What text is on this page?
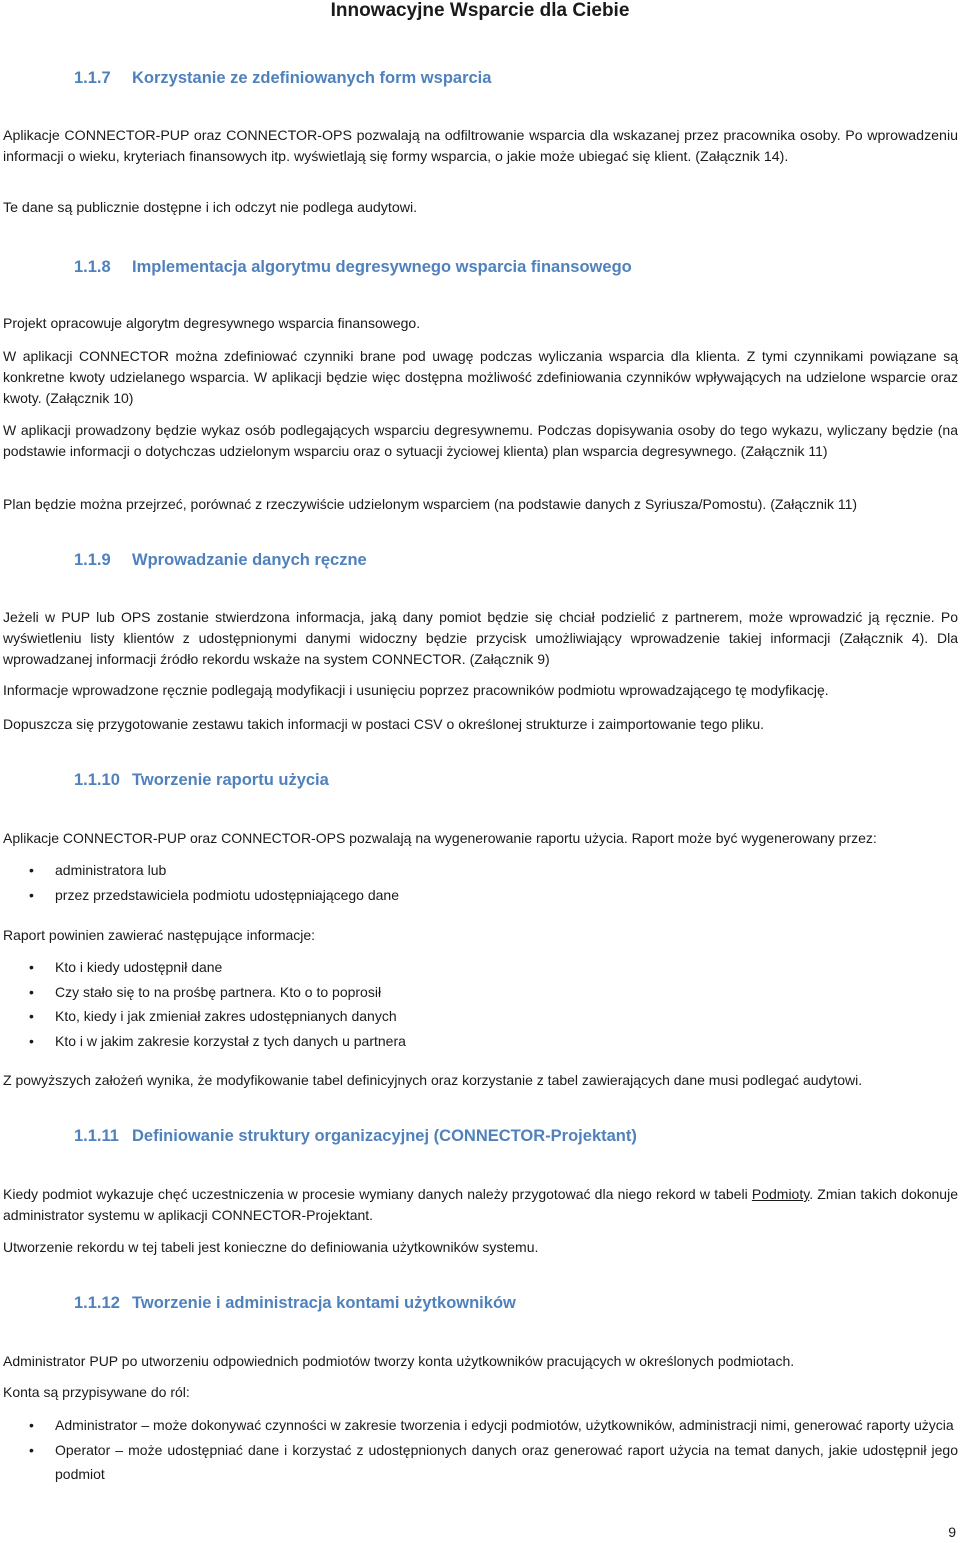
Innowacyjne Wsparcie dla Ciebie
1.1.7 Korzystanie ze zdefiniowanych form wsparcia

Aplikacje CONNECTOR-PUP oraz CONNECTOR-OPS pozwalają na odfiltrowanie wsparcia dla wskazanej przez pracownika osoby. Po wprowadzeniu informacji o wieku, kryteriach finansowych itp. wyświetlają się formy wsparcia, o jakie może ubiegać się klient. (Załącznik 14).

Te dane są publicznie dostępne i ich odczyt nie podlega audytowi.

1.1.8 Implementacja algorytmu degresywnego wsparcia finansowego

Projekt opracowuje algorytm degresywnego wsparcia finansowego.

W aplikacji CONNECTOR można zdefiniować czynniki brane pod uwagę podczas wyliczania wsparcia dla klienta. Z tymi czynnikami powiązane są konkretne kwoty udzielanego wsparcia. W aplikacji będzie więc dostępna możliwość zdefiniowania czynników wpływających na udzielone wsparcie oraz kwoty. (Załącznik 10)

W aplikacji prowadzony będzie wykaz osób podlegających wsparciu degresywnemu. Podczas dopisywania osoby do tego wykazu, wyliczany będzie (na podstawie informacji o dotychczas udzielonym wsparciu oraz o sytuacji życiowej klienta) plan wsparcia degresywnego. (Załącznik 11)

Plan będzie można przejrzeć, porównać z rzeczywiście udzielonym wsparciem (na podstawie danych z Syriusza/Pomostu). (Załącznik 11)

1.1.9 Wprowadzanie danych ręczne

Jeżeli w PUP lub OPS zostanie stwierdzona informacja, jaką dany pomiot będzie się chciał podzielić z partnerem, może wprowadzić ją ręcznie. Po wyświetleniu listy klientów z udostępnionymi danymi widoczny będzie przycisk umożliwiający wprowadzenie takiej informacji (Załącznik 4). Dla wprowadzanej informacji źródło rekordu wskaże na system CONNECTOR. (Załącznik 9)

Informacje wprowadzone ręcznie podlegają modyfikacji i usunięciu poprzez pracowników podmiotu wprowadzającego tę modyfikację.

Dopuszcza się przygotowanie zestawu takich informacji w postaci CSV o określonej strukturze i zaimportowanie tego pliku.

1.1.10 Tworzenie raportu użycia

Aplikacje CONNECTOR-PUP oraz CONNECTOR-OPS pozwalają na wygenerowanie raportu użycia. Raport może być wygenerowany przez:

• administratora lub
• przez przedstawiciela podmiotu udostępniającego dane

Raport powinien zawierać następujące informacje:

• Kto i kiedy udostępnił dane
• Czy stało się to na prośbę partnera. Kto o to poprosił
• Kto, kiedy i jak zmieniał zakres udostępnianych danych
• Kto i w jakim zakresie korzystał z tych danych u partnera

Z powyższych założeń wynika, że modyfikowanie tabel definicyjnych oraz korzystanie z tabel zawierających dane musi podlegać audytowi.

1.1.11 Definiowanie struktury organizacyjnej (CONNECTOR-Projektant)

Kiedy podmiot wykazuje chęć uczestniczenia w procesie wymiany danych należy przygotować dla niego rekord w tabeli Podmioty. Zmian takich dokonuje administrator systemu w aplikacji CONNECTOR-Projektant.

Utworzenie rekordu w tej tabeli jest konieczne do definiowania użytkowników systemu.

1.1.12 Tworzenie i administracja kontami użytkowników

Administrator PUP po utworzeniu odpowiednich podmiotów tworzy konta użytkowników pracujących w określonych podmiotach.

Konta są przypisywane do ról:

• Administrator – może dokonywać czynności w zakresie tworzenia i edycji podmiotów, użytkowników, administracji nimi, generować raporty użycia
• Operator – może udostępniać dane i korzystać z udostępnionych danych oraz generować raport użycia na temat danych, jakie udostępnił jego podmiot
9
